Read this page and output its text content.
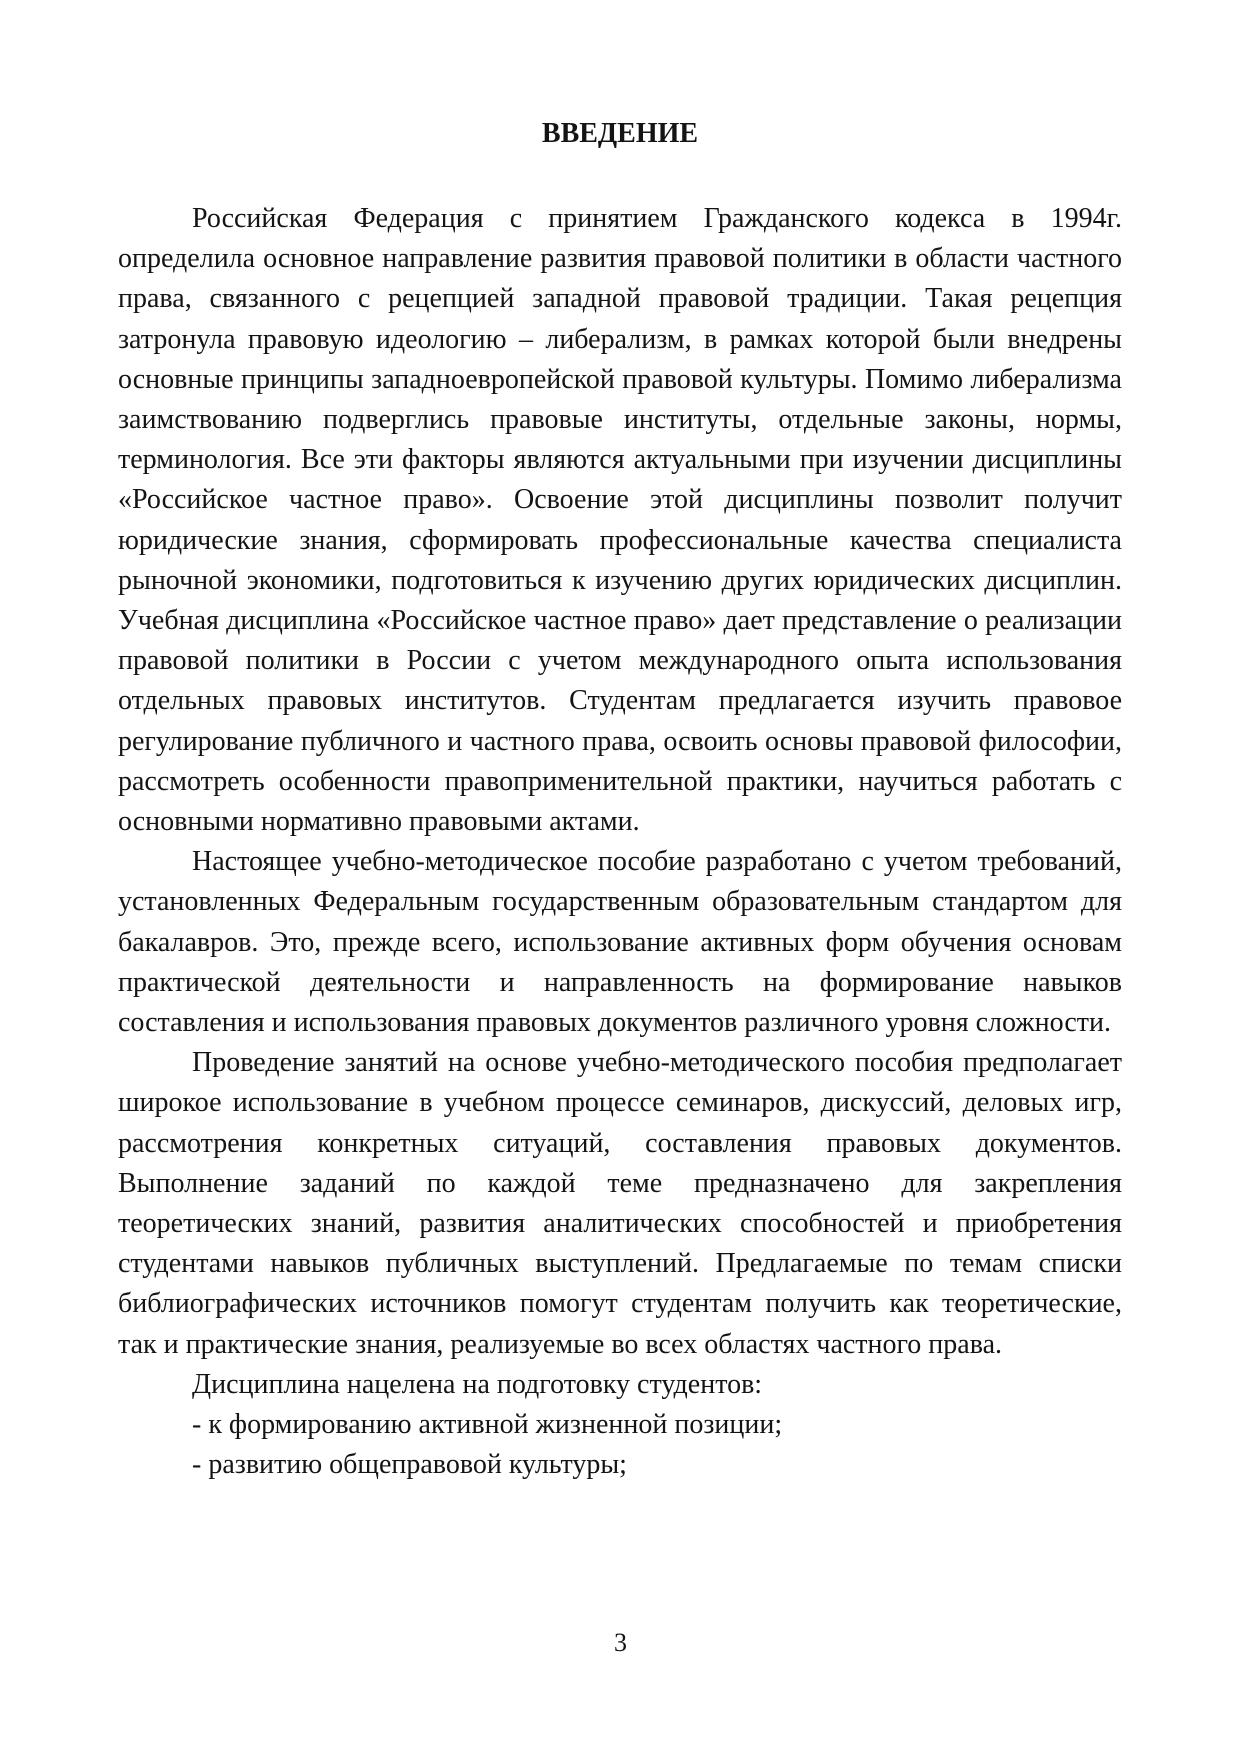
ВВЕДЕНИЕ

Российская Федерация с принятием Гражданского кодекса в 1994г. определила основное направление развития правовой политики в области частного права, связанного с рецепцией западной правовой традиции. Такая рецепция затронула правовую идеологию – либерализм, в рамках которой были внедрены основные принципы западноевропейской правовой культуры. Помимо либерализма заимствованию подверглись правовые институты, отдельные законы, нормы, терминология. Все эти факторы являются актуальными при изучении дисциплины «Российское частное право». Освоение этой дисциплины позволит получит юридические знания, сформировать профессиональные качества специалиста рыночной экономики, подготовиться к изучению других юридических дисциплин. Учебная дисциплина «Российское частное право» дает представление о реализации правовой политики в России с учетом международного опыта использования отдельных правовых институтов. Студентам предлагается изучить правовое регулирование публичного и частного права, освоить основы правовой философии, рассмотреть особенности правоприменительной практики, научиться работать с основными нормативно правовыми актами.

Настоящее учебно-методическое пособие разработано с учетом требований, установленных Федеральным государственным образовательным стандартом для бакалавров. Это, прежде всего, использование активных форм обучения основам практической деятельности и направленность на формирование навыков составления и использования правовых документов различного уровня сложности.

Проведение занятий на основе учебно-методического пособия предполагает широкое использование в учебном процессе семинаров, дискуссий, деловых игр, рассмотрения конкретных ситуаций, составления правовых документов. Выполнение заданий по каждой теме предназначено для закрепления теоретических знаний, развития аналитических способностей и приобретения студентами навыков публичных выступлений. Предлагаемые по темам списки библиографических источников помогут студентам получить как теоретические, так и практические знания, реализуемые во всех областях частного права.

Дисциплина нацелена на подготовку студентов:

- к формированию активной жизненной позиции;

- развитию общеправовой культуры;

3
